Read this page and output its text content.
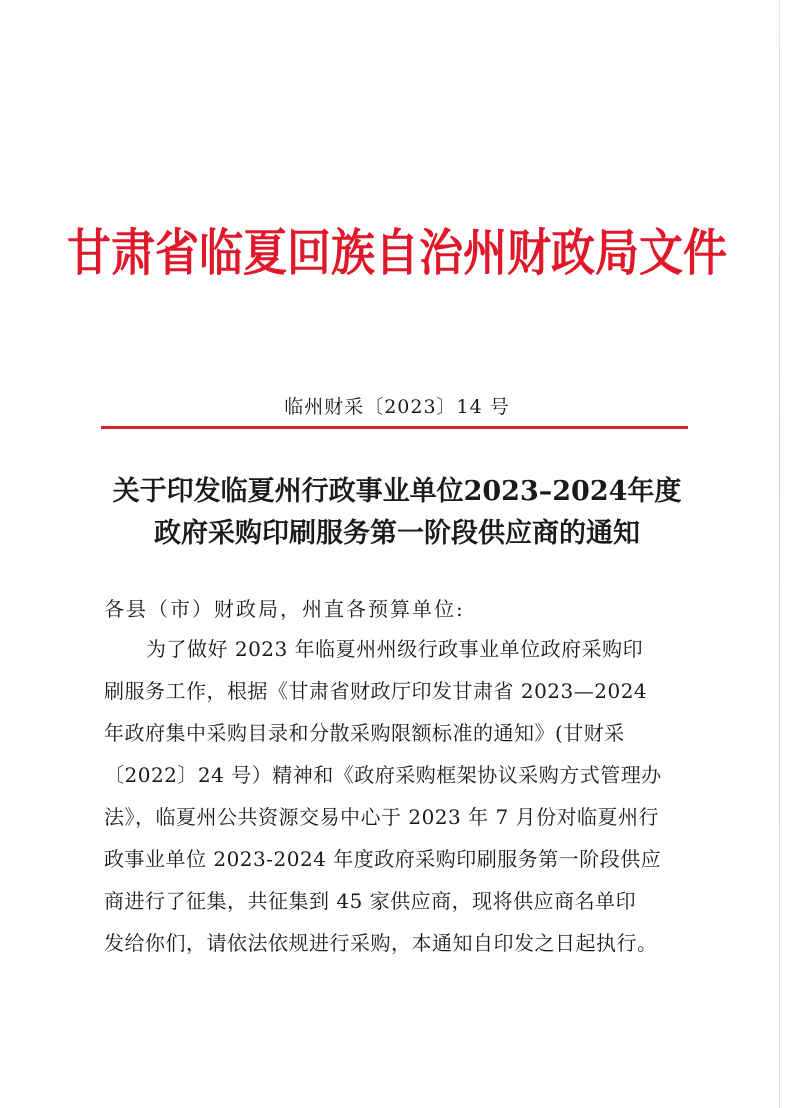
甘肃省临夏回族自治州财政局文件
临州财采〔2023〕14 号
关于印发临夏州行政事业单位2023–2024年度
政府采购印刷服务第一阶段供应商的通知
各县（市）财政局，州直各预算单位:
为了做好 2023 年临夏州州级行政事业单位政府采购印
刷服务工作，根据《甘肃省财政厅印发甘肃省 2023—2024
年政府集中采购目录和分散采购限额标准的通知》(甘财采
〔2022〕24 号）精神和《政府采购框架协议采购方式管理办
法》，临夏州公共资源交易中心于 2023 年 7 月份对临夏州行
政事业单位 2023-2024 年度政府采购印刷服务第一阶段供应
商进行了征集，共征集到 45 家供应商，现将供应商名单印
发给你们，请依法依规进行采购，本通知自印发之日起执行。
